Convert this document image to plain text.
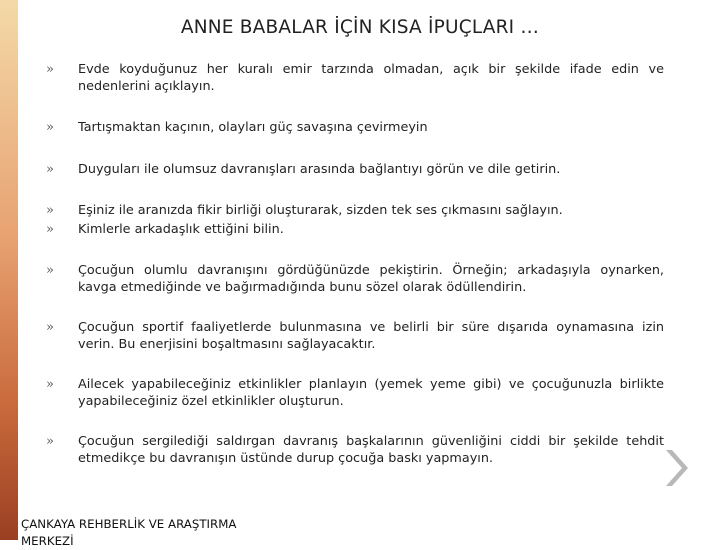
ANNE BABALAR İÇİN KISA İPUÇLARI …
»	Evde koyduğunuz her kuralı emir tarzında olmadan, açık bir şekilde ifade edin ve nedenlerini açıklayın.
»	Tartışmaktan kaçının, olayları güç savaşına çevirmeyin
»	Duyguları ile olumsuz davranışları arasında bağlantıyı görün ve dile getirin.
»	Eşiniz ile aranızda fikir birliği oluşturarak, sizden tek ses çıkmasını sağlayın.
»	Kimlerle arkadaşlık ettiğini bilin.
»	Çocuğun olumlu davranışını gördüğünüzde pekiştirin. Örneğin; arkadaşıyla oynarken, kavga etmediğinde ve bağırmadığında bunu sözel olarak ödüllendirin.
»	Çocuğun sportif faaliyetlerde bulunmasına ve belirli bir süre dışarıda oynamasına izin verin. Bu enerjisini boşaltmasını sağlayacaktır.
»	Ailecek yapabileceğiniz etkinlikler planlayın (yemek yeme gibi) ve çocuğunuzla birlikte yapabileceğiniz özel etkinlikler oluşturun.
»	Çocuğun sergilediği saldırgan davranış başkalarının güvenliğini ciddi bir şekilde tehdit etmedikçe bu davranışın üstünde durup çocuğa baskı yapmayın.
ÇANKAYA REHBERLİK VE ARAŞTIRMA MERKEZİ
